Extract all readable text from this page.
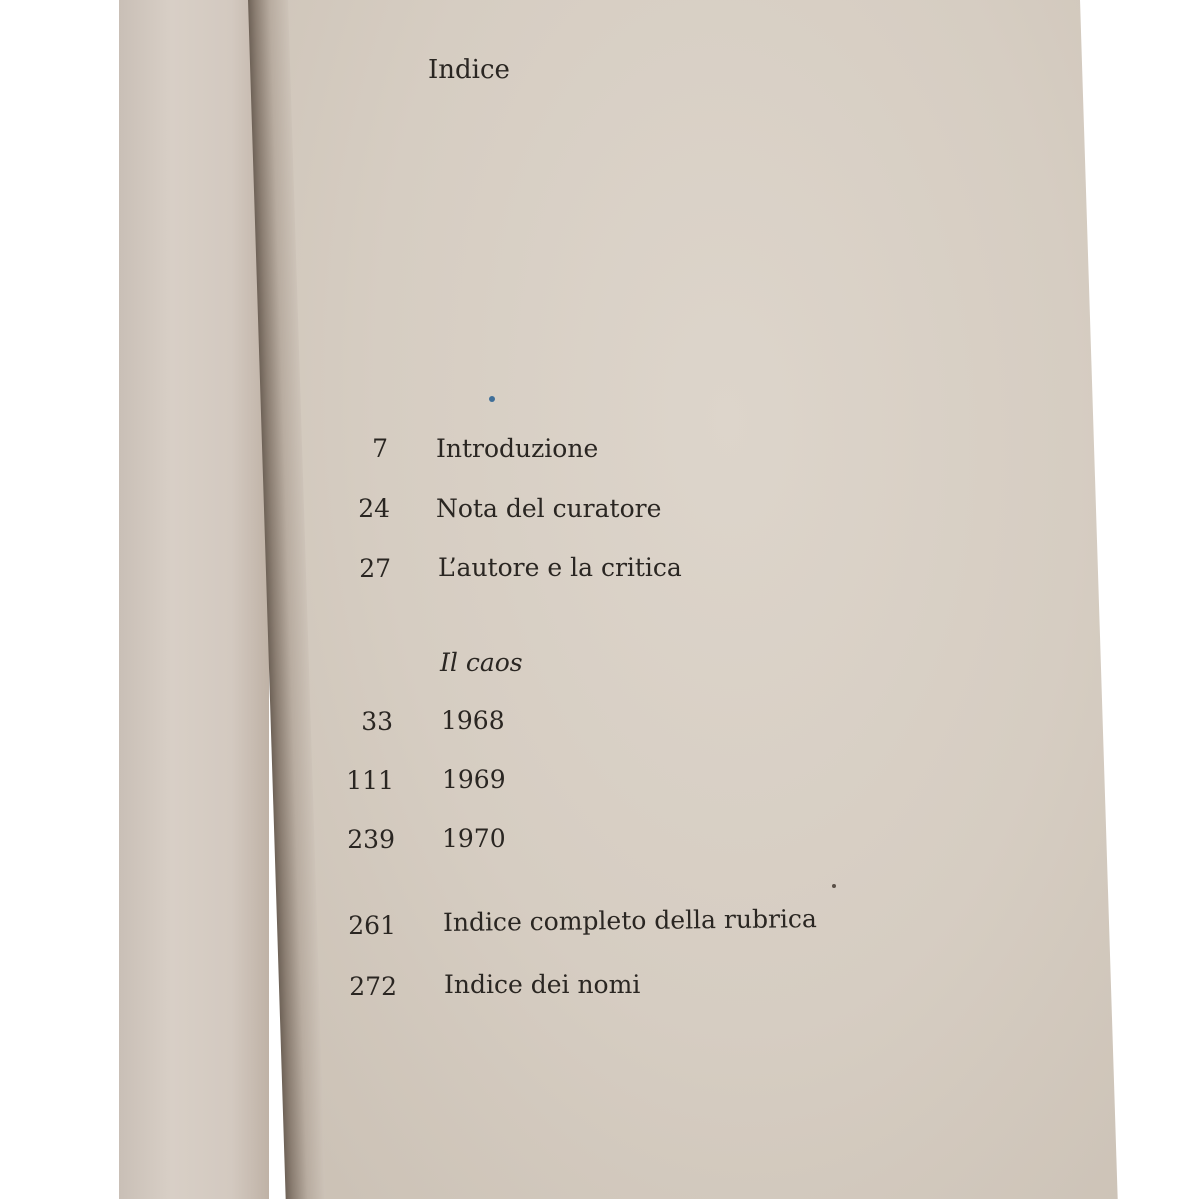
Indice
7 Introduzione
24 Nota del curatore
27 L’autore e la critica
Il caos
33 1968
111 1969
239 1970
261 Indice completo della rubrica
272 Indice dei nomi
